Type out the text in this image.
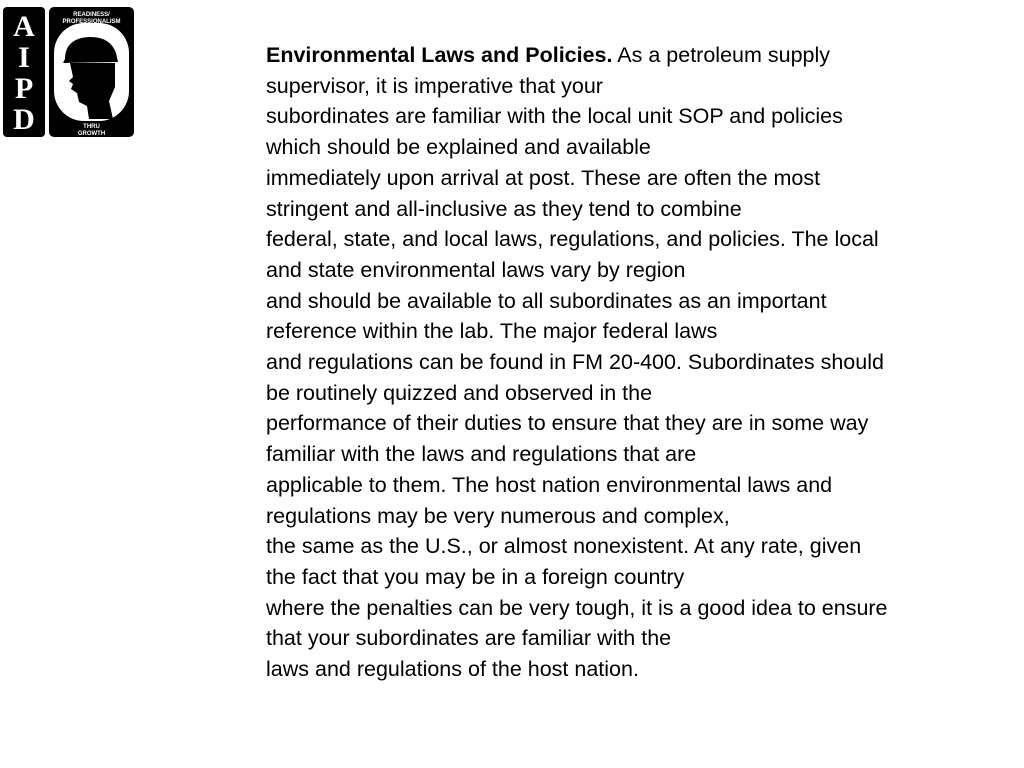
A
I
P
D
READINESS/
PROFESSIONALISM
THRU
GROWTH
Environmental Laws and Policies. As a petroleum supply
supervisor, it is imperative that your
subordinates are familiar with the local unit SOP and policies
which should be explained and available
immediately upon arrival at post. These are often the most
stringent and all-inclusive as they tend to combine
federal, state, and local laws, regulations, and policies. The local
and state environmental laws vary by region
and should be available to all subordinates as an important
reference within the lab. The major federal laws
and regulations can be found in FM 20-400. Subordinates should
be routinely quizzed and observed in the
performance of their duties to ensure that they are in some way
familiar with the laws and regulations that are
applicable to them. The host nation environmental laws and
regulations may be very numerous and complex,
the same as the U.S., or almost nonexistent. At any rate, given
the fact that you may be in a foreign country
where the penalties can be very tough, it is a good idea to ensure
that your subordinates are familiar with the
laws and regulations of the host nation.
